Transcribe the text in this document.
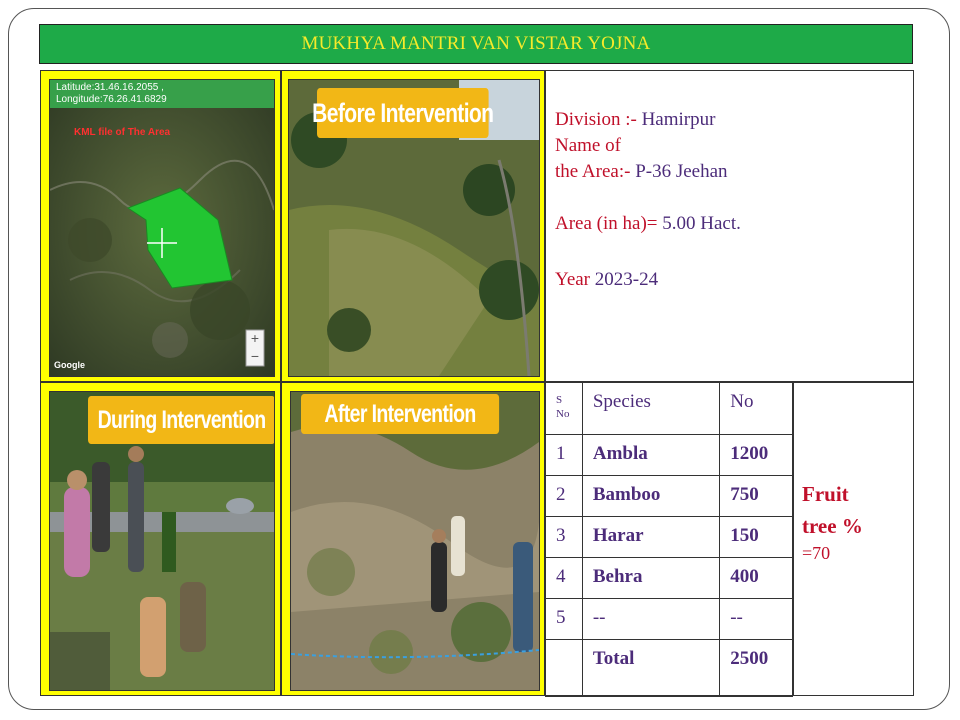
MUKHYA MANTRI VAN VISTAR YOJNA
Latitude:31.46.16.2055 ,
Longitude:76.26.41.6829
KML file of The Area
+
−
Google
Before Intervention	Division :- Hamirpur
Name of
the Area:- P-36 Jeehan
Area (in ha)= 5.00 Hact.
Year 2023-24
During Intervention	After Intervention	S
No	Species	No
1	Ambla	1200
2	Bamboo	750
3	Harar	150
4	Behra	400
5	--	--
	Total	2500
Fruit
tree %
=70
